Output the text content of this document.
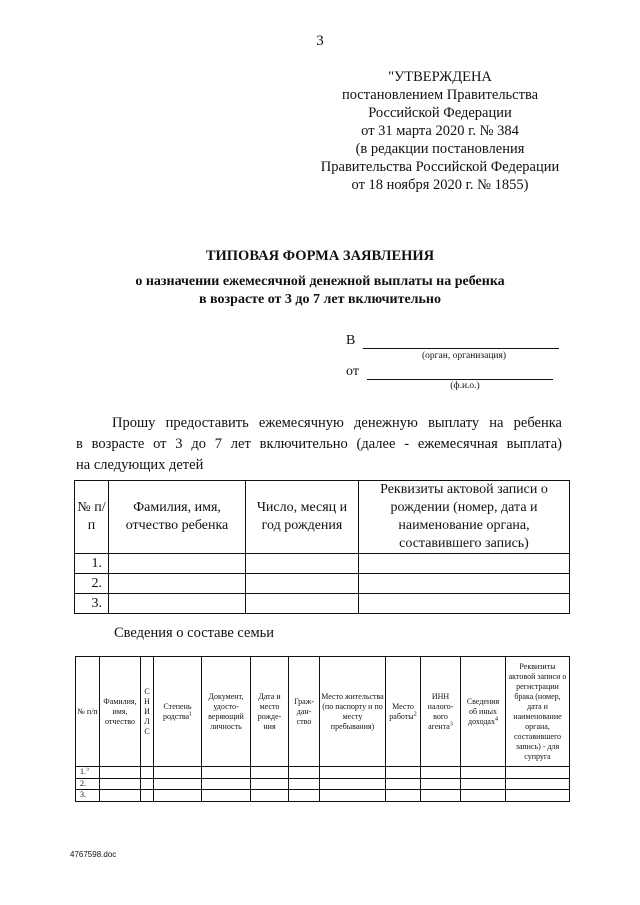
3
"УТВЕРЖДЕНА
постановлением Правительства
Российской Федерации
от 31 марта 2020 г. № 384
(в редакции постановления
Правительства Российской Федерации
от 18 ноября 2020 г. № 1855)
ТИПОВАЯ ФОРМА ЗАЯВЛЕНИЯ
о назначении ежемесячной денежной выплаты на ребенка
в возрасте от 3 до 7 лет включительно
В
(орган, организация)
от
(ф.и.о.)
Прошу предоставить ежемесячную денежную выплату на ребенка
в возрасте от 3 до 7 лет включительно (далее - ежемесячная выплата)
на следующих детей
№ п/п	Фамилия, имя, отчество ребенка	Число, месяц и год рождения	Реквизиты актовой записи о рождении (номер, дата и наименование органа, составившего запись)
1.			
2.			
3.			
Сведения о составе семьи
№ п/п	Фамилия, имя, отчество	С Н И Л С	Степень родства$^1$	Документ, удосто-веряющий личность	Дата и место рожде-ния	Граж-дан-ство	Место жительства (по паспорту и по месту пребывания)	Место работы$^2$	ИНН налого-вого агента$^3$	Сведения об иных доходах$^4$	Реквизиты актовой записи о регистрации брака (номер, дата и наименование органа, составившего запись) - для супруга
1.$^5$											
2.											
3.											
4767598.doc
